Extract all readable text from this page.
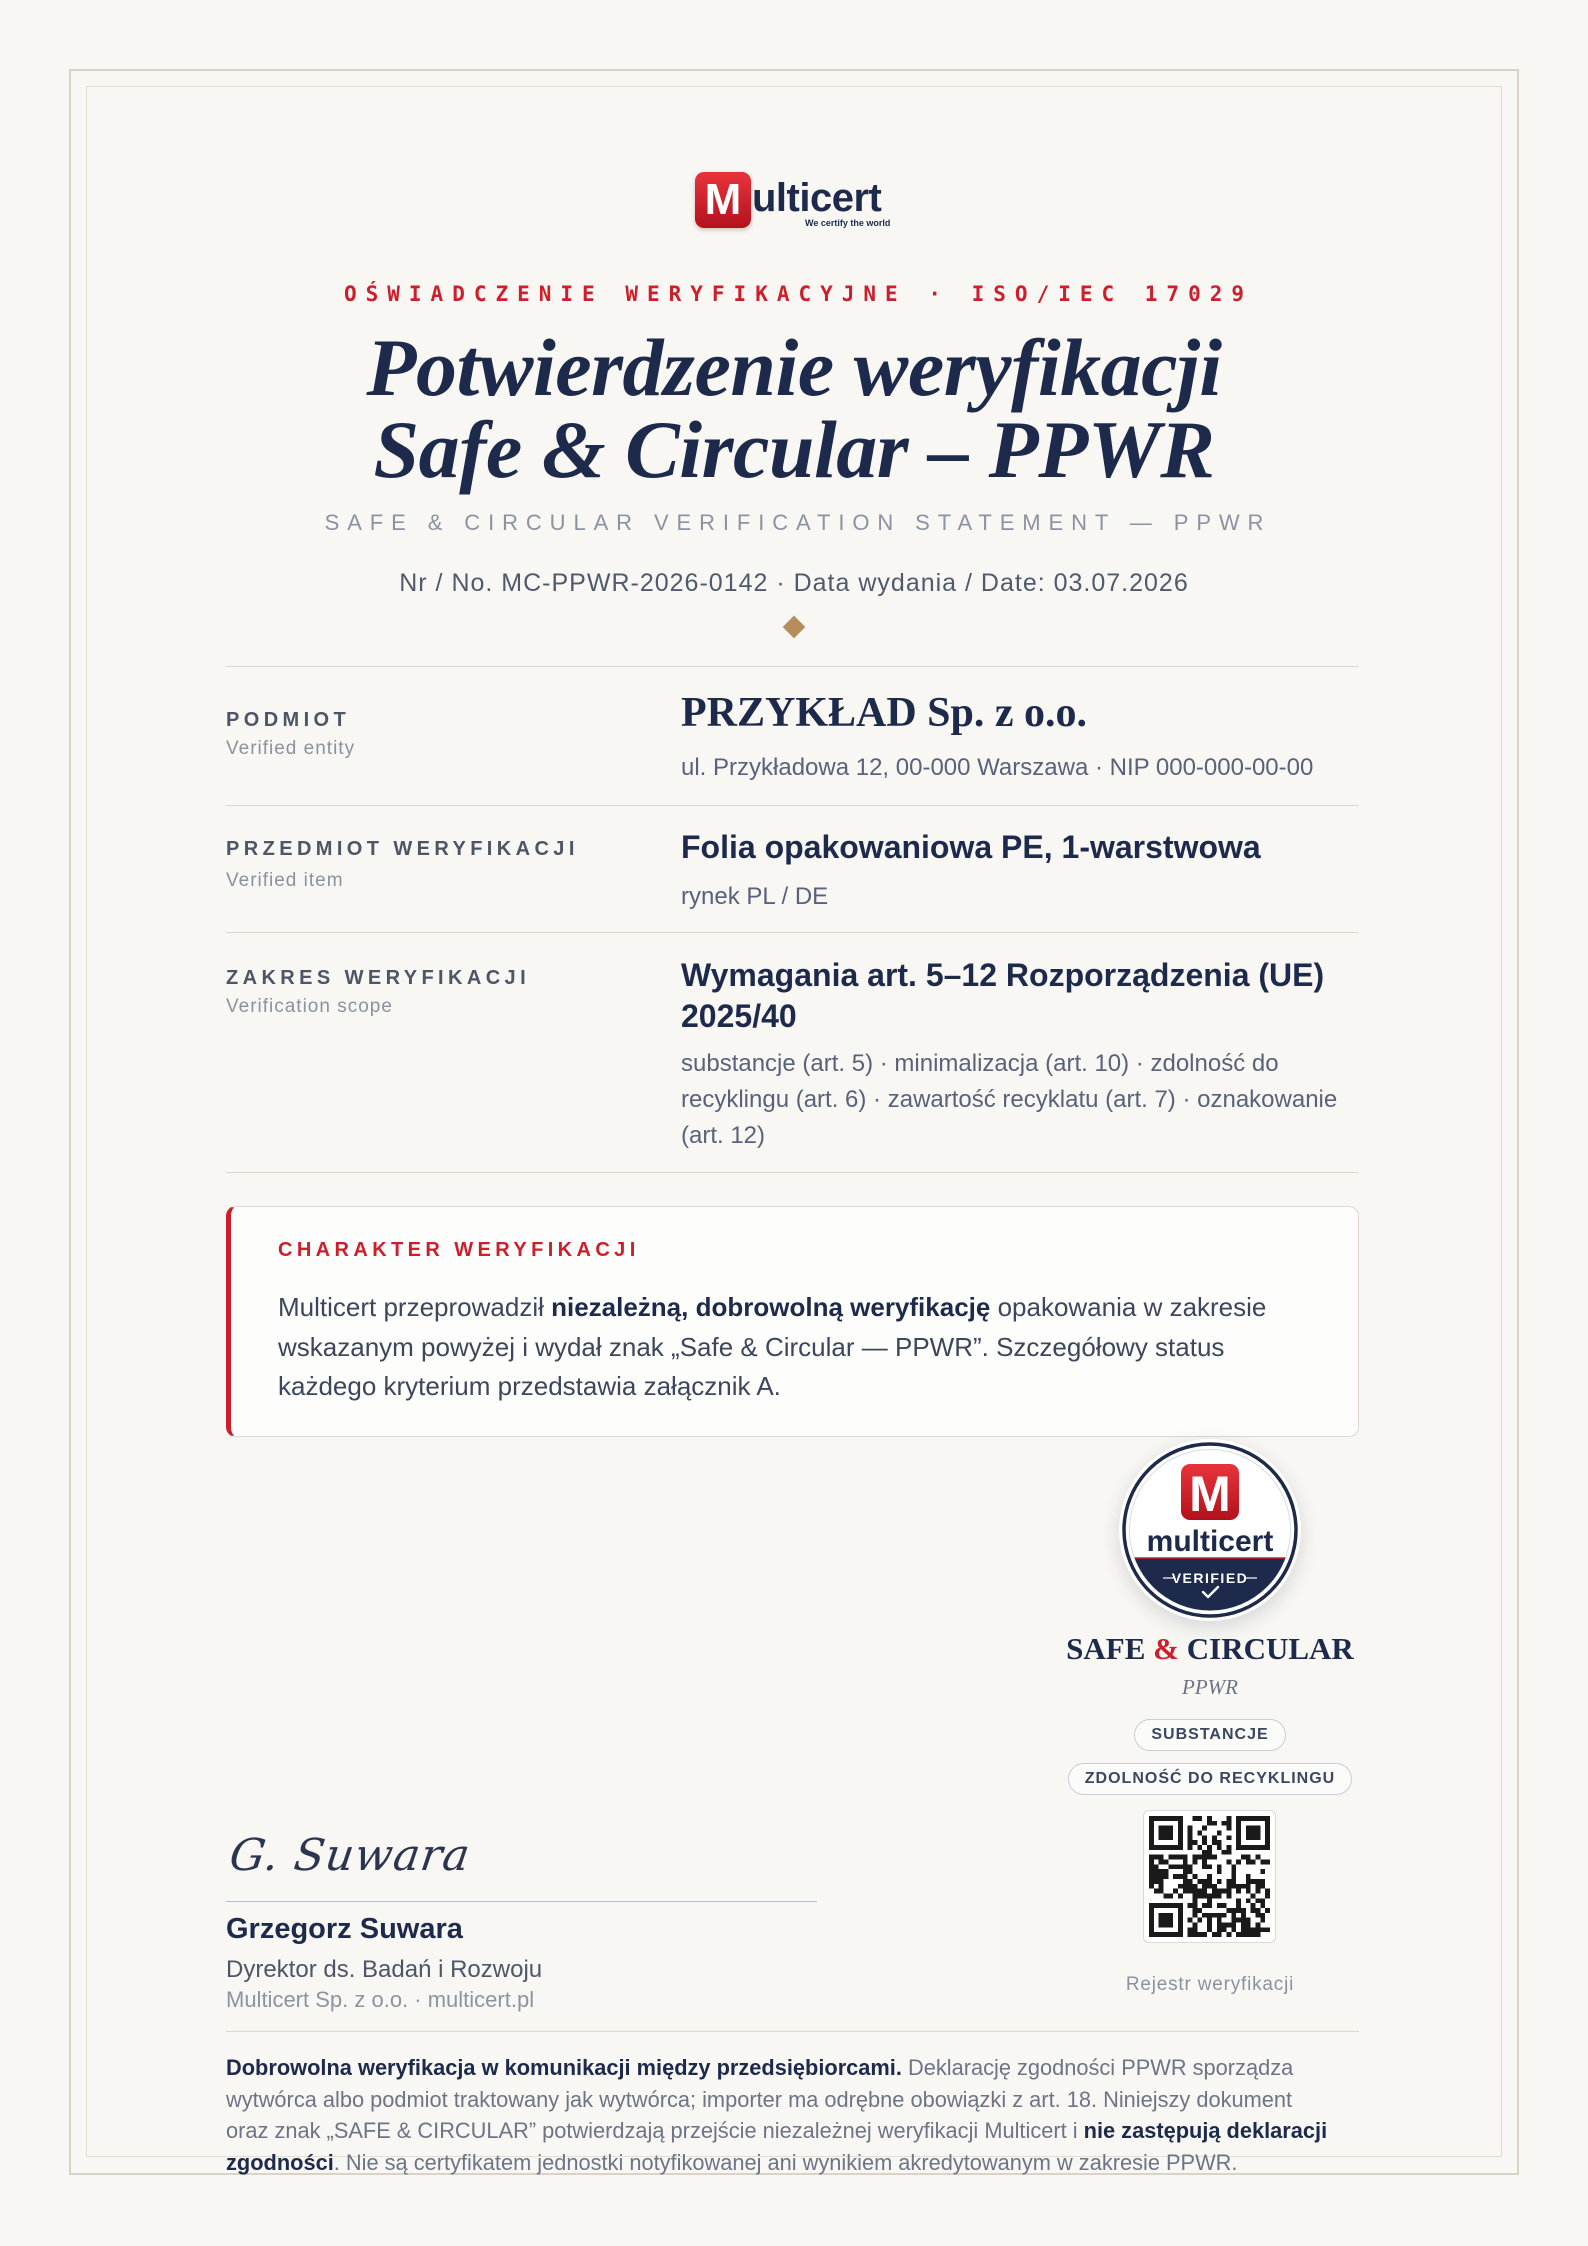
M ulticert
We certify the world
OŚWIADCZENIE WERYFIKACYJNE · ISO/IEC 17029
Potwierdzenie weryfikacji
Safe & Circular – PPWR
SAFE & CIRCULAR VERIFICATION STATEMENT — PPWR
Nr / No. MC-PPWR-2026-0142 · Data wydania / Date: 03.07.2026
PODMIOT
Verified entity
PRZYKŁAD Sp. z o.o.
ul. Przykładowa 12, 00-000 Warszawa · NIP 000-000-00-00
PRZEDMIOT WERYFIKACJI
Verified item
Folia opakowaniowa PE, 1-warstwowa
rynek PL / DE
ZAKRES WERYFIKACJI
Verification scope
Wymagania art. 5–12 Rozporządzenia (UE) 2025/40
substancje (art. 5) · minimalizacja (art. 10) · zdolność do recyklingu (art. 6) · zawartość recyklatu (art. 7) · oznakowanie (art. 12)
CHARAKTER WERYFIKACJI
Multicert przeprowadził niezależną, dobrowolną weryfikację opakowania w zakresie wskazanym powyżej i wydał znak „Safe & Circular — PPWR”. Szczegółowy status każdego kryterium przedstawia załącznik A.
M
multicert
VERIFIED
SAFE & CIRCULAR
PPWR
SUBSTANCJE
ZDOLNOŚĆ DO RECYKLINGU
Rejestr weryfikacji
G. Suwara
Grzegorz Suwara
Dyrektor ds. Badań i Rozwoju
Multicert Sp. z o.o. · multicert.pl
Dobrowolna weryfikacja w komunikacji między przedsiębiorcami. Deklarację zgodności PPWR sporządza wytwórca albo podmiot traktowany jak wytwórca; importer ma odrębne obowiązki z art. 18. Niniejszy dokument oraz znak „SAFE & CIRCULAR” potwierdzają przejście niezależnej weryfikacji Multicert i nie zastępują deklaracji zgodności. Nie są certyfikatem jednostki notyfikowanej ani wynikiem akredytowanym w zakresie PPWR.
